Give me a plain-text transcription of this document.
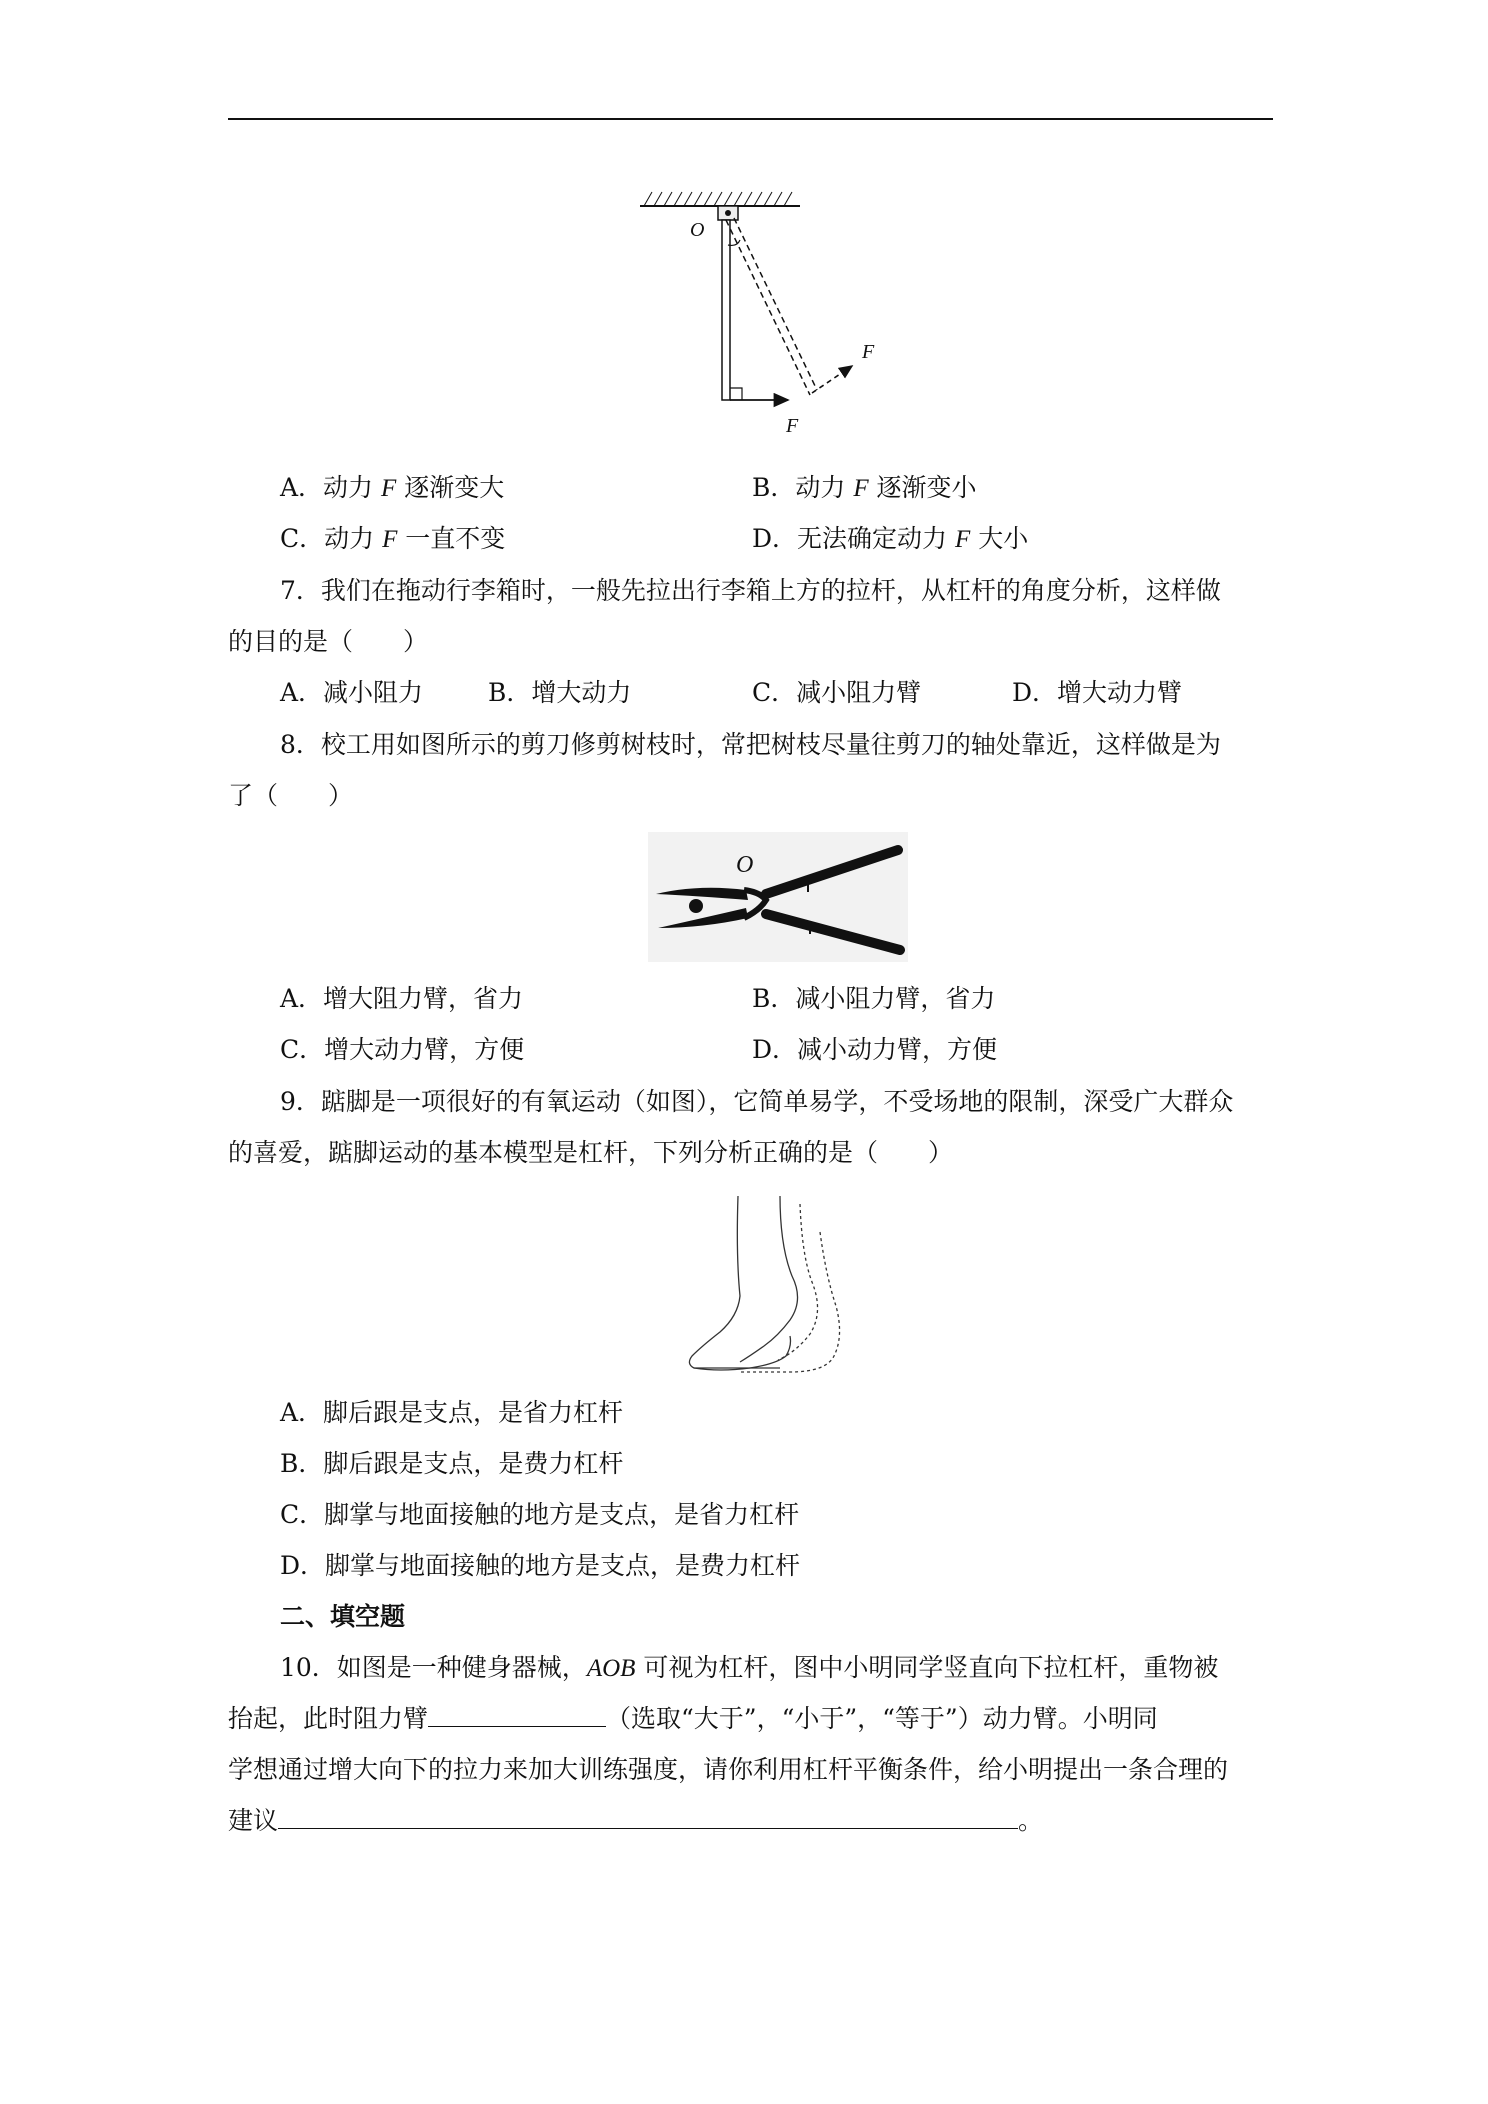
O
F
F
A．动力 F 逐渐变大	B．动力 F 逐渐变小
C．动力 F 一直不变	D．无法确定动力 F 大小
7．我们在拖动行李箱时，一般先拉出行李箱上方的拉杆，从杠杆的角度分析，这样做
的目的是（　　）
A．减小阻力	B．增大动力	C．减小阻力臂	D．增大动力臂
8．校工用如图所示的剪刀修剪树枝时，常把树枝尽量往剪刀的轴处靠近，这样做是为
了（　　）
O
A．增大阻力臂，省力	B．减小阻力臂，省力
C．增大动力臂，方便	D．减小动力臂，方便
9．踮脚是一项很好的有氧运动（如图），它简单易学，不受场地的限制，深受广大群众
的喜爱，踮脚运动的基本模型是杠杆，下列分析正确的是（　　）
A．脚后跟是支点，是省力杠杆
B．脚后跟是支点，是费力杠杆
C．脚掌与地面接触的地方是支点，是省力杠杆
D．脚掌与地面接触的地方是支点，是费力杠杆
二、填空题
10．如图是一种健身器械，AOB 可视为杠杆，图中小明同学竖直向下拉杠杆，重物被
抬起，此时阻力臂	（选取“大于”，“小于”，“等于”）动力臂。小明同
学想通过增大向下的拉力来加大训练强度，请你利用杠杆平衡条件，给小明提出一条合理的
建议	。
